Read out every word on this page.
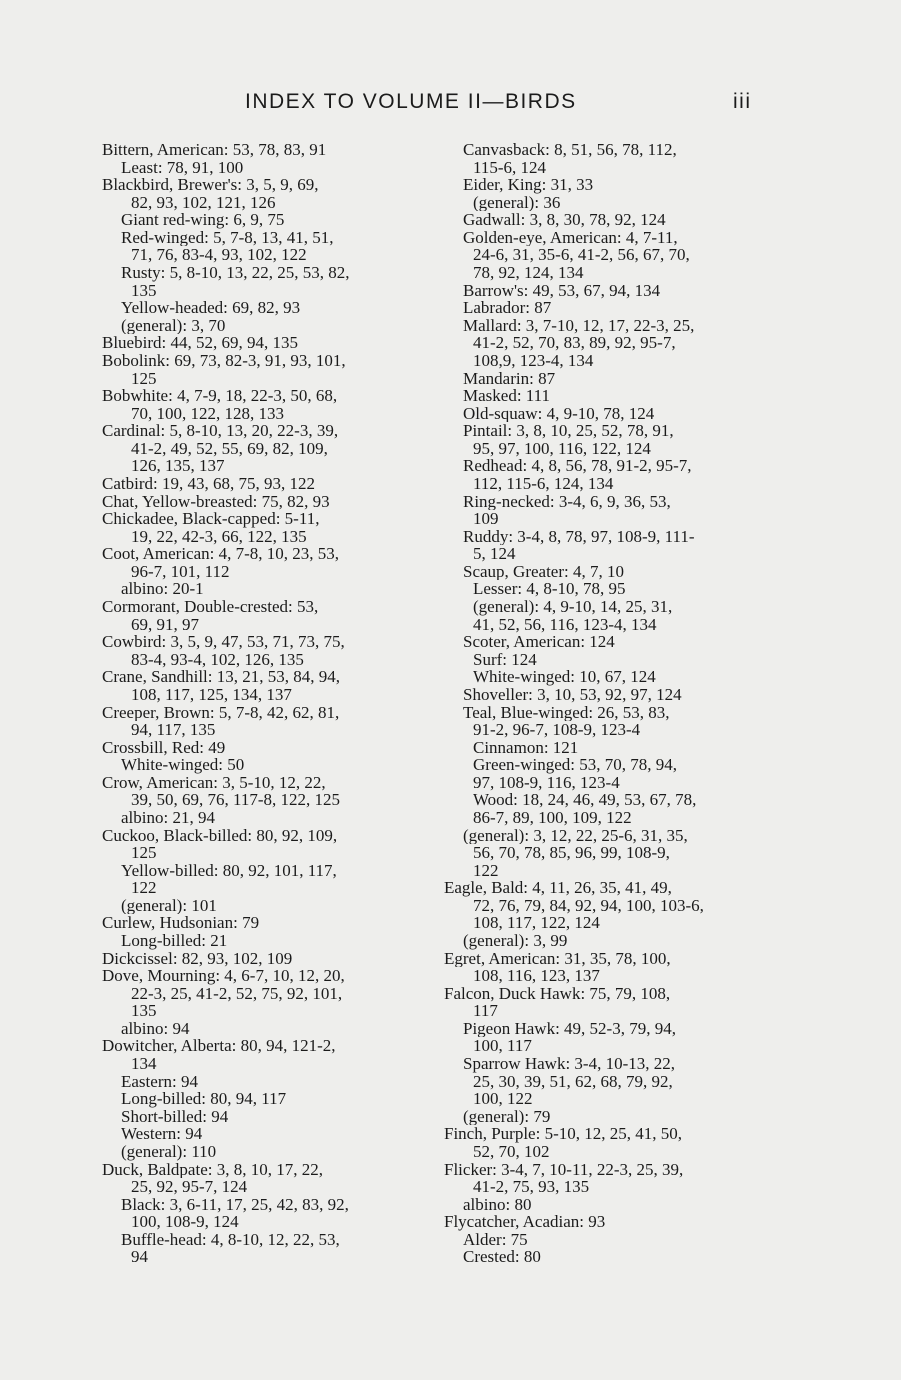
INDEX TO VOLUME II—BIRDS	iii
Bittern, American: 53, 78, 83, 91
Least: 78, 91, 100
Blackbird, Brewer's: 3, 5, 9, 69,
82, 93, 102, 121, 126
Giant red-wing: 6, 9, 75
Red-winged: 5, 7-8, 13, 41, 51,
71, 76, 83-4, 93, 102, 122
Rusty: 5, 8-10, 13, 22, 25, 53, 82,
135
Yellow-headed: 69, 82, 93
(general): 3, 70
Bluebird: 44, 52, 69, 94, 135
Bobolink: 69, 73, 82-3, 91, 93, 101,
125
Bobwhite: 4, 7-9, 18, 22-3, 50, 68,
70, 100, 122, 128, 133
Cardinal: 5, 8-10, 13, 20, 22-3, 39,
41-2, 49, 52, 55, 69, 82, 109,
126, 135, 137
Catbird: 19, 43, 68, 75, 93, 122
Chat, Yellow-breasted: 75, 82, 93
Chickadee, Black-capped: 5-11,
19, 22, 42-3, 66, 122, 135
Coot, American: 4, 7-8, 10, 23, 53,
96-7, 101, 112
albino: 20-1
Cormorant, Double-crested: 53,
69, 91, 97
Cowbird: 3, 5, 9, 47, 53, 71, 73, 75,
83-4, 93-4, 102, 126, 135
Crane, Sandhill: 13, 21, 53, 84, 94,
108, 117, 125, 134, 137
Creeper, Brown: 5, 7-8, 42, 62, 81,
94, 117, 135
Crossbill, Red: 49
White-winged: 50
Crow, American: 3, 5-10, 12, 22,
39, 50, 69, 76, 117-8, 122, 125
albino: 21, 94
Cuckoo, Black-billed: 80, 92, 109,
125
Yellow-billed: 80, 92, 101, 117,
122
(general): 101
Curlew, Hudsonian: 79
Long-billed: 21
Dickcissel: 82, 93, 102, 109
Dove, Mourning: 4, 6-7, 10, 12, 20,
22-3, 25, 41-2, 52, 75, 92, 101,
135
albino: 94
Dowitcher, Alberta: 80, 94, 121-2,
134
Eastern: 94
Long-billed: 80, 94, 117
Short-billed: 94
Western: 94
(general): 110
Duck, Baldpate: 3, 8, 10, 17, 22,
25, 92, 95-7, 124
Black: 3, 6-11, 17, 25, 42, 83, 92,
100, 108-9, 124
Buffle-head: 4, 8-10, 12, 22, 53,
94
Canvasback: 8, 51, 56, 78, 112,
115-6, 124
Eider, King: 31, 33
(general): 36
Gadwall: 3, 8, 30, 78, 92, 124
Golden-eye, American: 4, 7-11,
24-6, 31, 35-6, 41-2, 56, 67, 70,
78, 92, 124, 134
Barrow's: 49, 53, 67, 94, 134
Labrador: 87
Mallard: 3, 7-10, 12, 17, 22-3, 25,
41-2, 52, 70, 83, 89, 92, 95-7,
108,9, 123-4, 134
Mandarin: 87
Masked: 111
Old-squaw: 4, 9-10, 78, 124
Pintail: 3, 8, 10, 25, 52, 78, 91,
95, 97, 100, 116, 122, 124
Redhead: 4, 8, 56, 78, 91-2, 95-7,
112, 115-6, 124, 134
Ring-necked: 3-4, 6, 9, 36, 53,
109
Ruddy: 3-4, 8, 78, 97, 108-9, 111-
5, 124
Scaup, Greater: 4, 7, 10
Lesser: 4, 8-10, 78, 95
(general): 4, 9-10, 14, 25, 31,
41, 52, 56, 116, 123-4, 134
Scoter, American: 124
Surf: 124
White-winged: 10, 67, 124
Shoveller: 3, 10, 53, 92, 97, 124
Teal, Blue-winged: 26, 53, 83,
91-2, 96-7, 108-9, 123-4
Cinnamon: 121
Green-winged: 53, 70, 78, 94,
97, 108-9, 116, 123-4
Wood: 18, 24, 46, 49, 53, 67, 78,
86-7, 89, 100, 109, 122
(general): 3, 12, 22, 25-6, 31, 35,
56, 70, 78, 85, 96, 99, 108-9,
122
Eagle, Bald: 4, 11, 26, 35, 41, 49,
72, 76, 79, 84, 92, 94, 100, 103-6,
108, 117, 122, 124
(general): 3, 99
Egret, American: 31, 35, 78, 100,
108, 116, 123, 137
Falcon, Duck Hawk: 75, 79, 108,
117
Pigeon Hawk: 49, 52-3, 79, 94,
100, 117
Sparrow Hawk: 3-4, 10-13, 22,
25, 30, 39, 51, 62, 68, 79, 92,
100, 122
(general): 79
Finch, Purple: 5-10, 12, 25, 41, 50,
52, 70, 102
Flicker: 3-4, 7, 10-11, 22-3, 25, 39,
41-2, 75, 93, 135
albino: 80
Flycatcher, Acadian: 93
Alder: 75
Crested: 80
